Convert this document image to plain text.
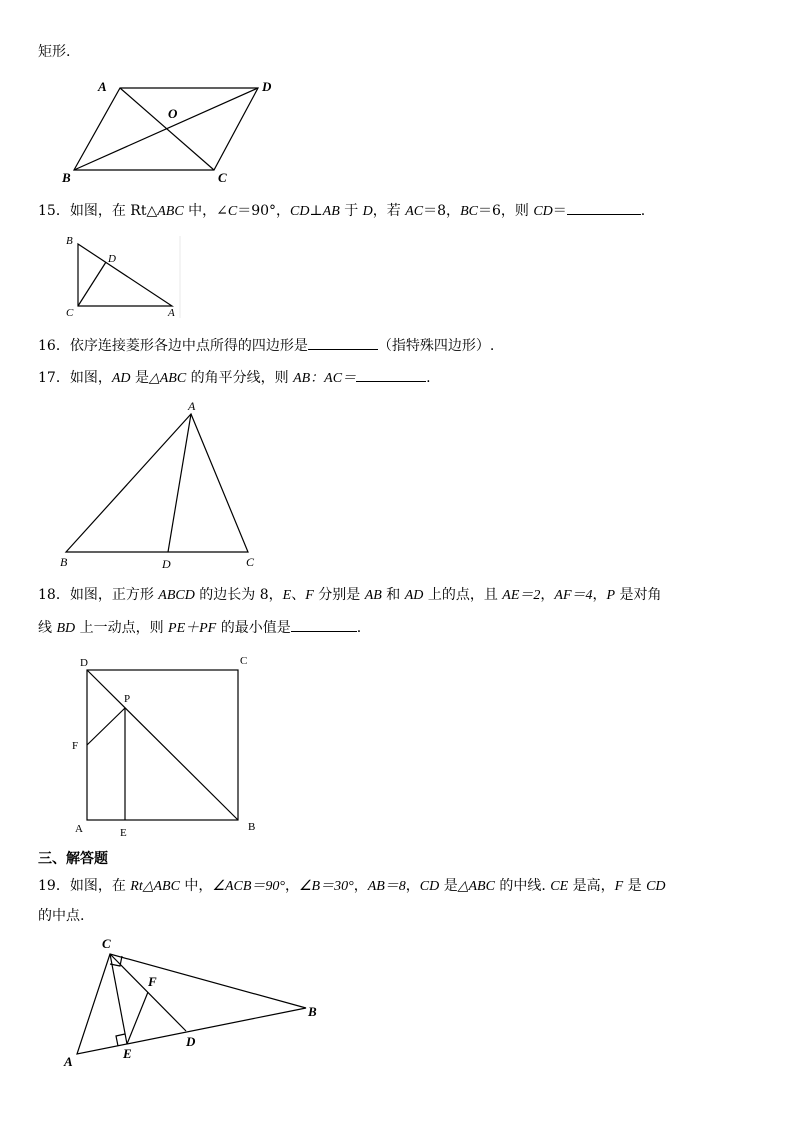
矩形.
15．如图，在 Rt△ABC 中，∠C＝90°，CD⊥AB 于 D，若 AC＝8，BC＝6，则 CD＝	.
16．依序连接菱形各边中点所得的四边形是	（指特殊四边形）.
17．如图，AD 是△ABC 的角平分线，则 AB：AC＝	.
18．如图，正方形 ABCD 的边长为 8，E、F 分别是 AB 和 AD 上的点，且 AE＝2，AF＝4，P 是对角
线 BD 上一动点，则 PE＋PF 的最小值是	.
三、解答题
19．如图，在 Rt△ABC 中，∠ACB＝90°，∠B＝30°，AB＝8，CD 是△ABC 的中线. CE 是高，F 是 CD
的中点.
A	D
O
B	C
B
D
C	A
A
B	D	C
D	C
P
F
A	E	B
C
F
B
D
E
A
